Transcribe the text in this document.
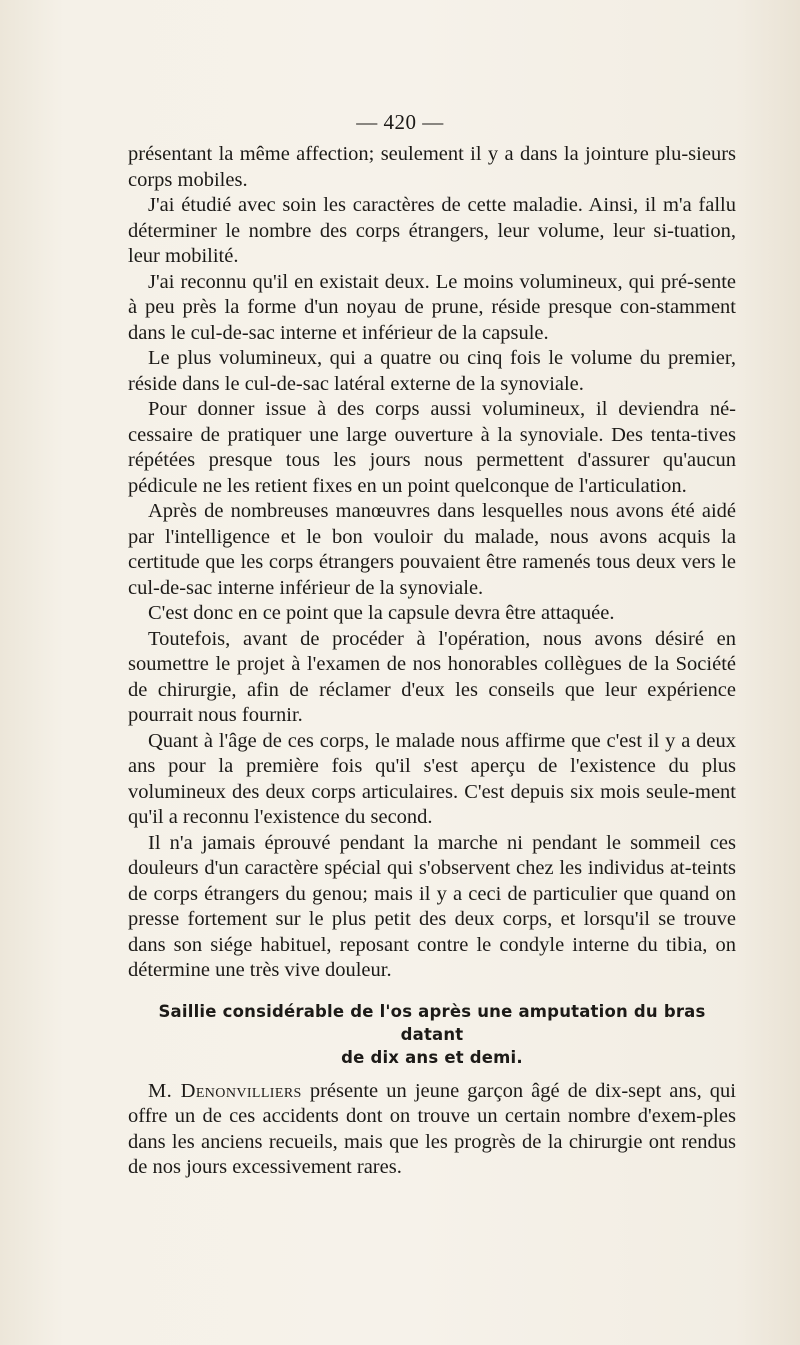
— 420 —

présentant la même affection; seulement il y a dans la jointure plu-sieurs corps mobiles.

J'ai étudié avec soin les caractères de cette maladie. Ainsi, il m'a fallu déterminer le nombre des corps étrangers, leur volume, leur si-tuation, leur mobilité.

J'ai reconnu qu'il en existait deux. Le moins volumineux, qui pré-sente à peu près la forme d'un noyau de prune, réside presque con-stamment dans le cul-de-sac interne et inférieur de la capsule.

Le plus volumineux, qui a quatre ou cinq fois le volume du premier, réside dans le cul-de-sac latéral externe de la synoviale.

Pour donner issue à des corps aussi volumineux, il deviendra né-cessaire de pratiquer une large ouverture à la synoviale. Des tenta-tives répétées presque tous les jours nous permettent d'assurer qu'aucun pédicule ne les retient fixes en un point quelconque de l'articulation.

Après de nombreuses manœuvres dans lesquelles nous avons été aidé par l'intelligence et le bon vouloir du malade, nous avons acquis la certitude que les corps étrangers pouvaient être ramenés tous deux vers le cul-de-sac interne inférieur de la synoviale.

C'est donc en ce point que la capsule devra être attaquée.

Toutefois, avant de procéder à l'opération, nous avons désiré en soumettre le projet à l'examen de nos honorables collègues de la Société de chirurgie, afin de réclamer d'eux les conseils que leur expérience pourrait nous fournir.

Quant à l'âge de ces corps, le malade nous affirme que c'est il y a deux ans pour la première fois qu'il s'est aperçu de l'existence du plus volumineux des deux corps articulaires. C'est depuis six mois seule-ment qu'il a reconnu l'existence du second.

Il n'a jamais éprouvé pendant la marche ni pendant le sommeil ces douleurs d'un caractère spécial qui s'observent chez les individus at-teints de corps étrangers du genou; mais il y a ceci de particulier que quand on presse fortement sur le plus petit des deux corps, et lorsqu'il se trouve dans son siége habituel, reposant contre le condyle interne du tibia, on détermine une très vive douleur.

Saillie considérable de l'os après une amputation du bras datant
de dix ans et demi.

M. Denonvilliers présente un jeune garçon âgé de dix-sept ans, qui offre un de ces accidents dont on trouve un certain nombre d'exem-ples dans les anciens recueils, mais que les progrès de la chirurgie ont rendus de nos jours excessivement rares.
